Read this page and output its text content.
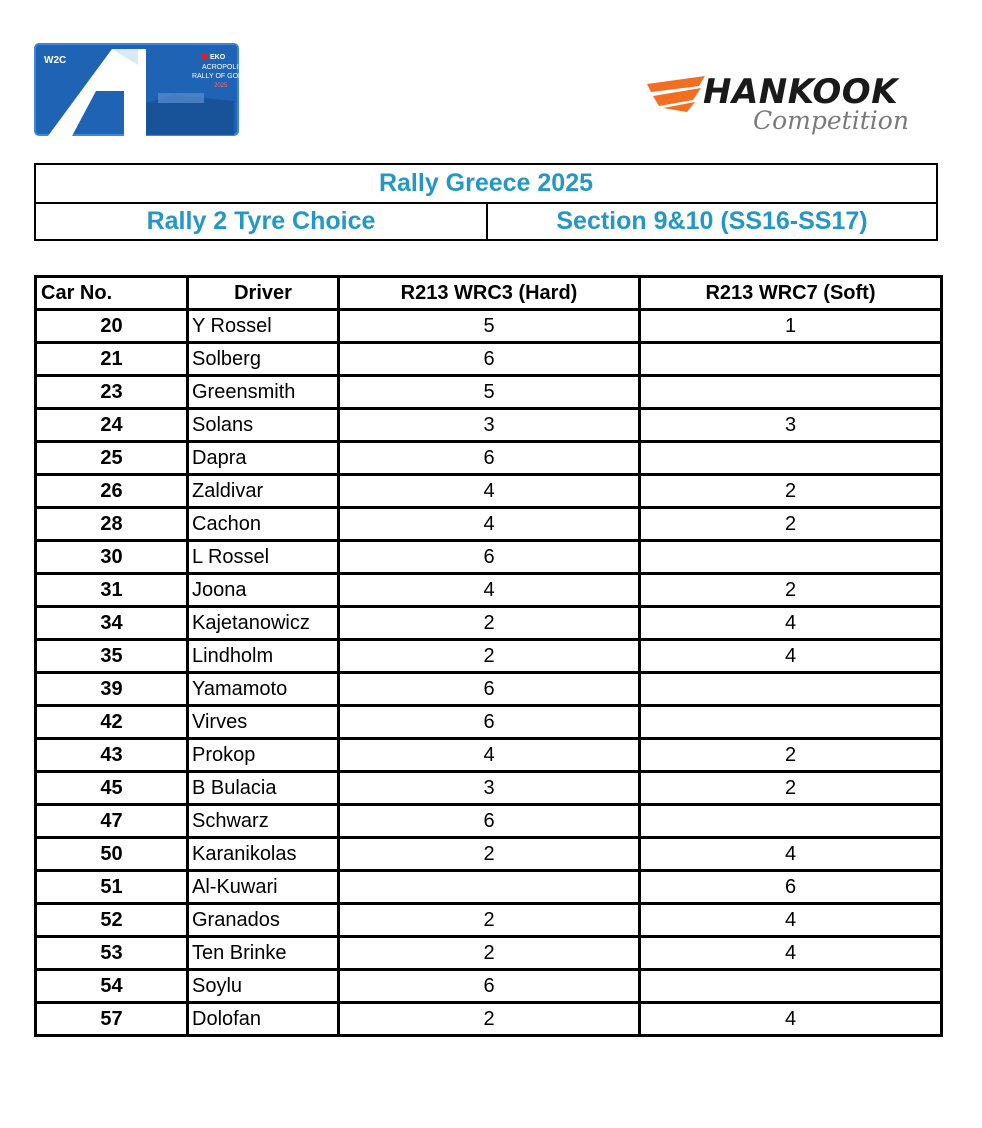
W2C	EKO
ACROPOLIS
RALLY OF GODS
2025	HANKOOK
Competition
Rally Greece 2025
Rally 2 Tyre Choice	Section 9&10 (SS16-SS17)
Car No.	Driver	R213 WRC3 (Hard)	R213 WRC7 (Soft)
20	Y Rossel	5	1
21	Solberg	6	
23	Greensmith	5	
24	Solans	3	3
25	Dapra	6	
26	Zaldivar	4	2
28	Cachon	4	2
30	L Rossel	6	
31	Joona	4	2
34	Kajetanowicz	2	4
35	Lindholm	2	4
39	Yamamoto	6	
42	Virves	6	
43	Prokop	4	2
45	B Bulacia	3	2
47	Schwarz	6	
50	Karanikolas	2	4
51	Al-Kuwari		6
52	Granados	2	4
53	Ten Brinke	2	4
54	Soylu	6	
57	Dolofan	2	4
